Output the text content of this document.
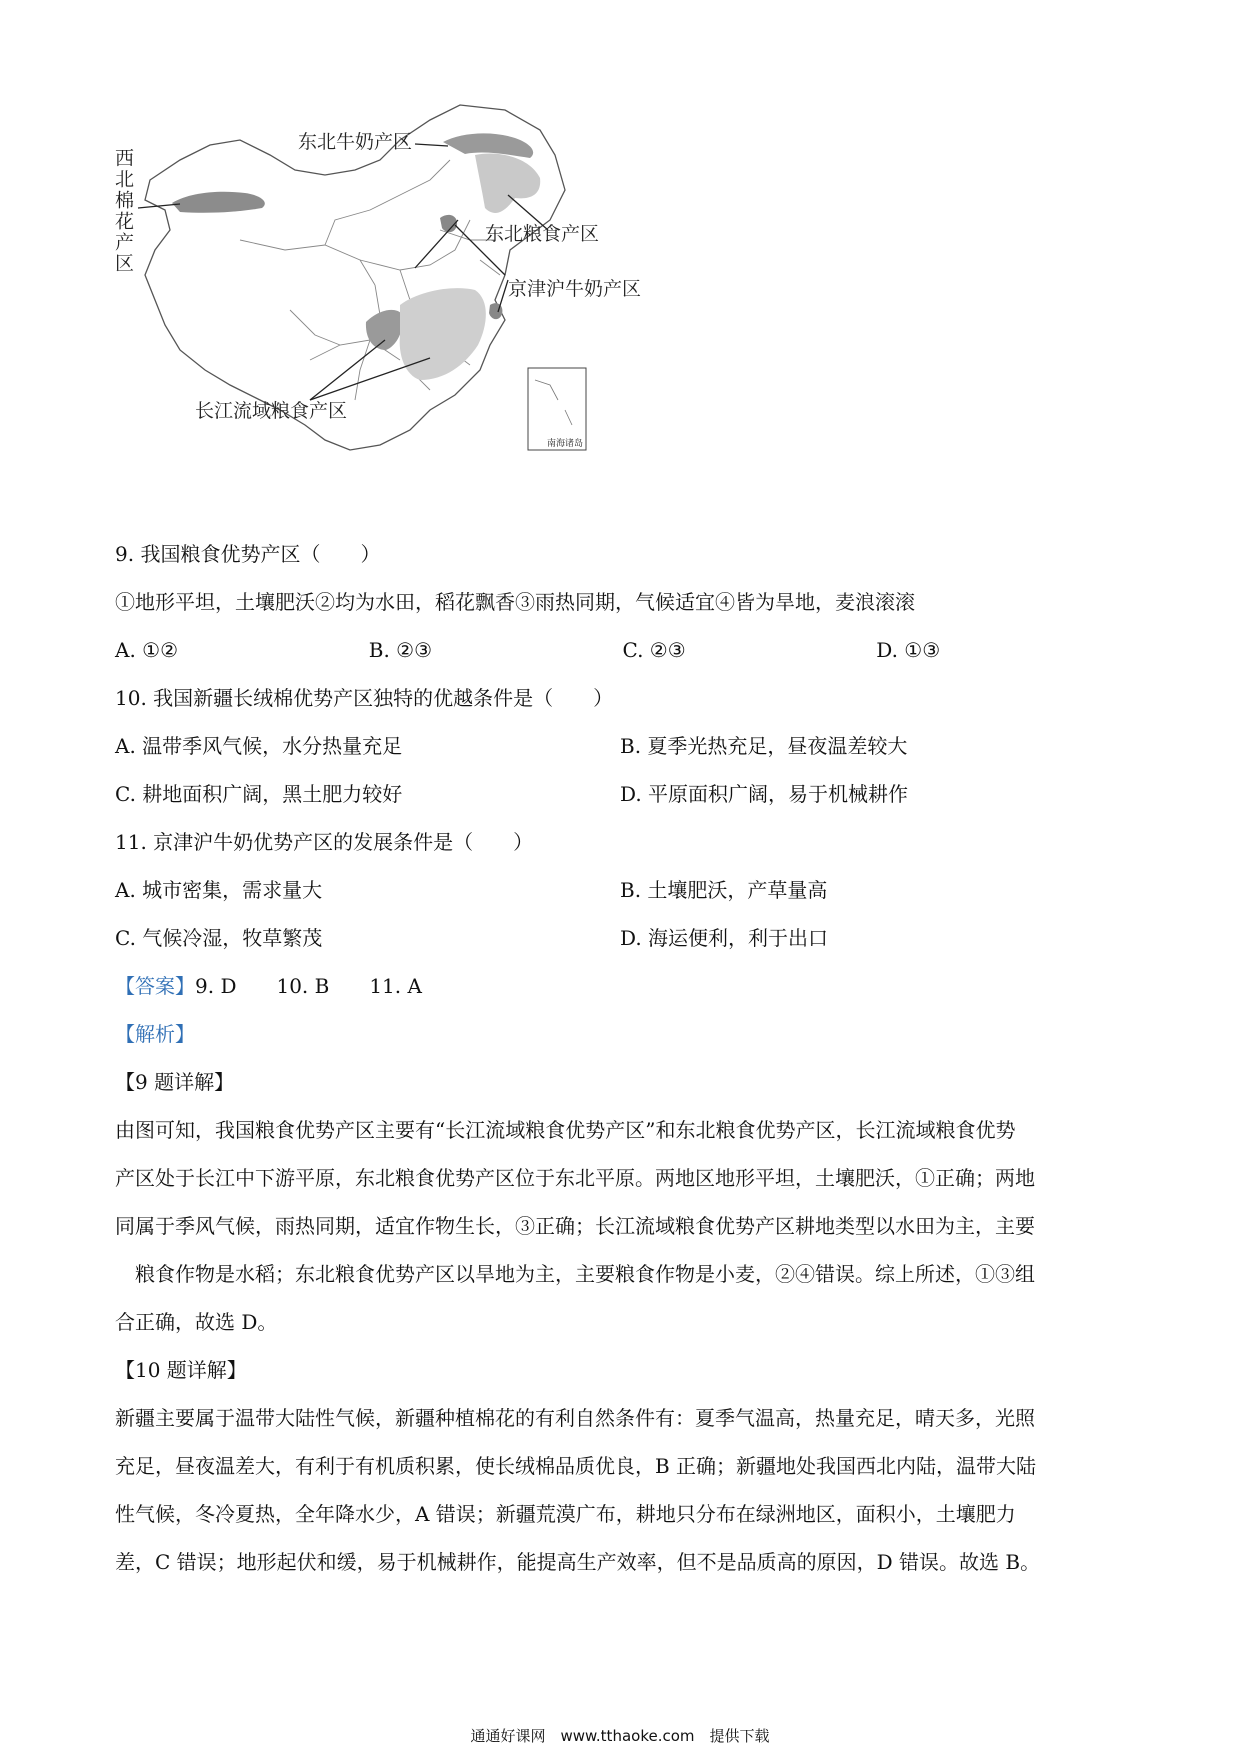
东北牛奶产区
西北棉花产区	东北粮食产区
京津沪牛奶产区
长江流域粮食产区
南海诸岛
9. 我国粮食优势产区（　　）
①地形平坦，土壤肥沃②均为水田，稻花飘香③雨热同期，气候适宜④皆为旱地，麦浪滚滚
A. ①②	B. ②③	C. ②③	D. ①③
10. 我国新疆长绒棉优势产区独特的优越条件是（　　）
A. 温带季风气候，水分热量充足	B. 夏季光热充足，昼夜温差较大
C. 耕地面积广阔，黑土肥力较好	D. 平原面积广阔，易于机械耕作
11. 京津沪牛奶优势产区的发展条件是（　　）
A. 城市密集，需求量大	B. 土壤肥沃，产草量高
C. 气候冷湿，牧草繁茂	D. 海运便利，利于出口
【答案】9. D　　10. B　　11. A
【解析】
【9 题详解】
由图可知，我国粮食优势产区主要有“长江流域粮食优势产区”和东北粮食优势产区，长江流域粮食优势
产区处于长江中下游平原，东北粮食优势产区位于东北平原。两地区地形平坦，土壤肥沃，①正确；两地
同属于季风气候，雨热同期，适宜作物生长，③正确；长江流域粮食优势产区耕地类型以水田为主，主要
　粮食作物是水稻；东北粮食优势产区以旱地为主，主要粮食作物是小麦，②④错误。综上所述，①③组
合正确，故选 D。
【10 题详解】
新疆主要属于温带大陆性气候，新疆种植棉花的有利自然条件有：夏季气温高，热量充足，晴天多，光照
充足，昼夜温差大，有利于有机质积累，使长绒棉品质优良，B 正确；新疆地处我国西北内陆，温带大陆
性气候，冬冷夏热，全年降水少，A 错误；新疆荒漠广布，耕地只分布在绿洲地区，面积小，土壤肥力
差，C 错误；地形起伏和缓，易于机械耕作，能提高生产效率，但不是品质高的原因，D 错误。故选 B。
通通好课网　www.tthaoke.com　提供下载
